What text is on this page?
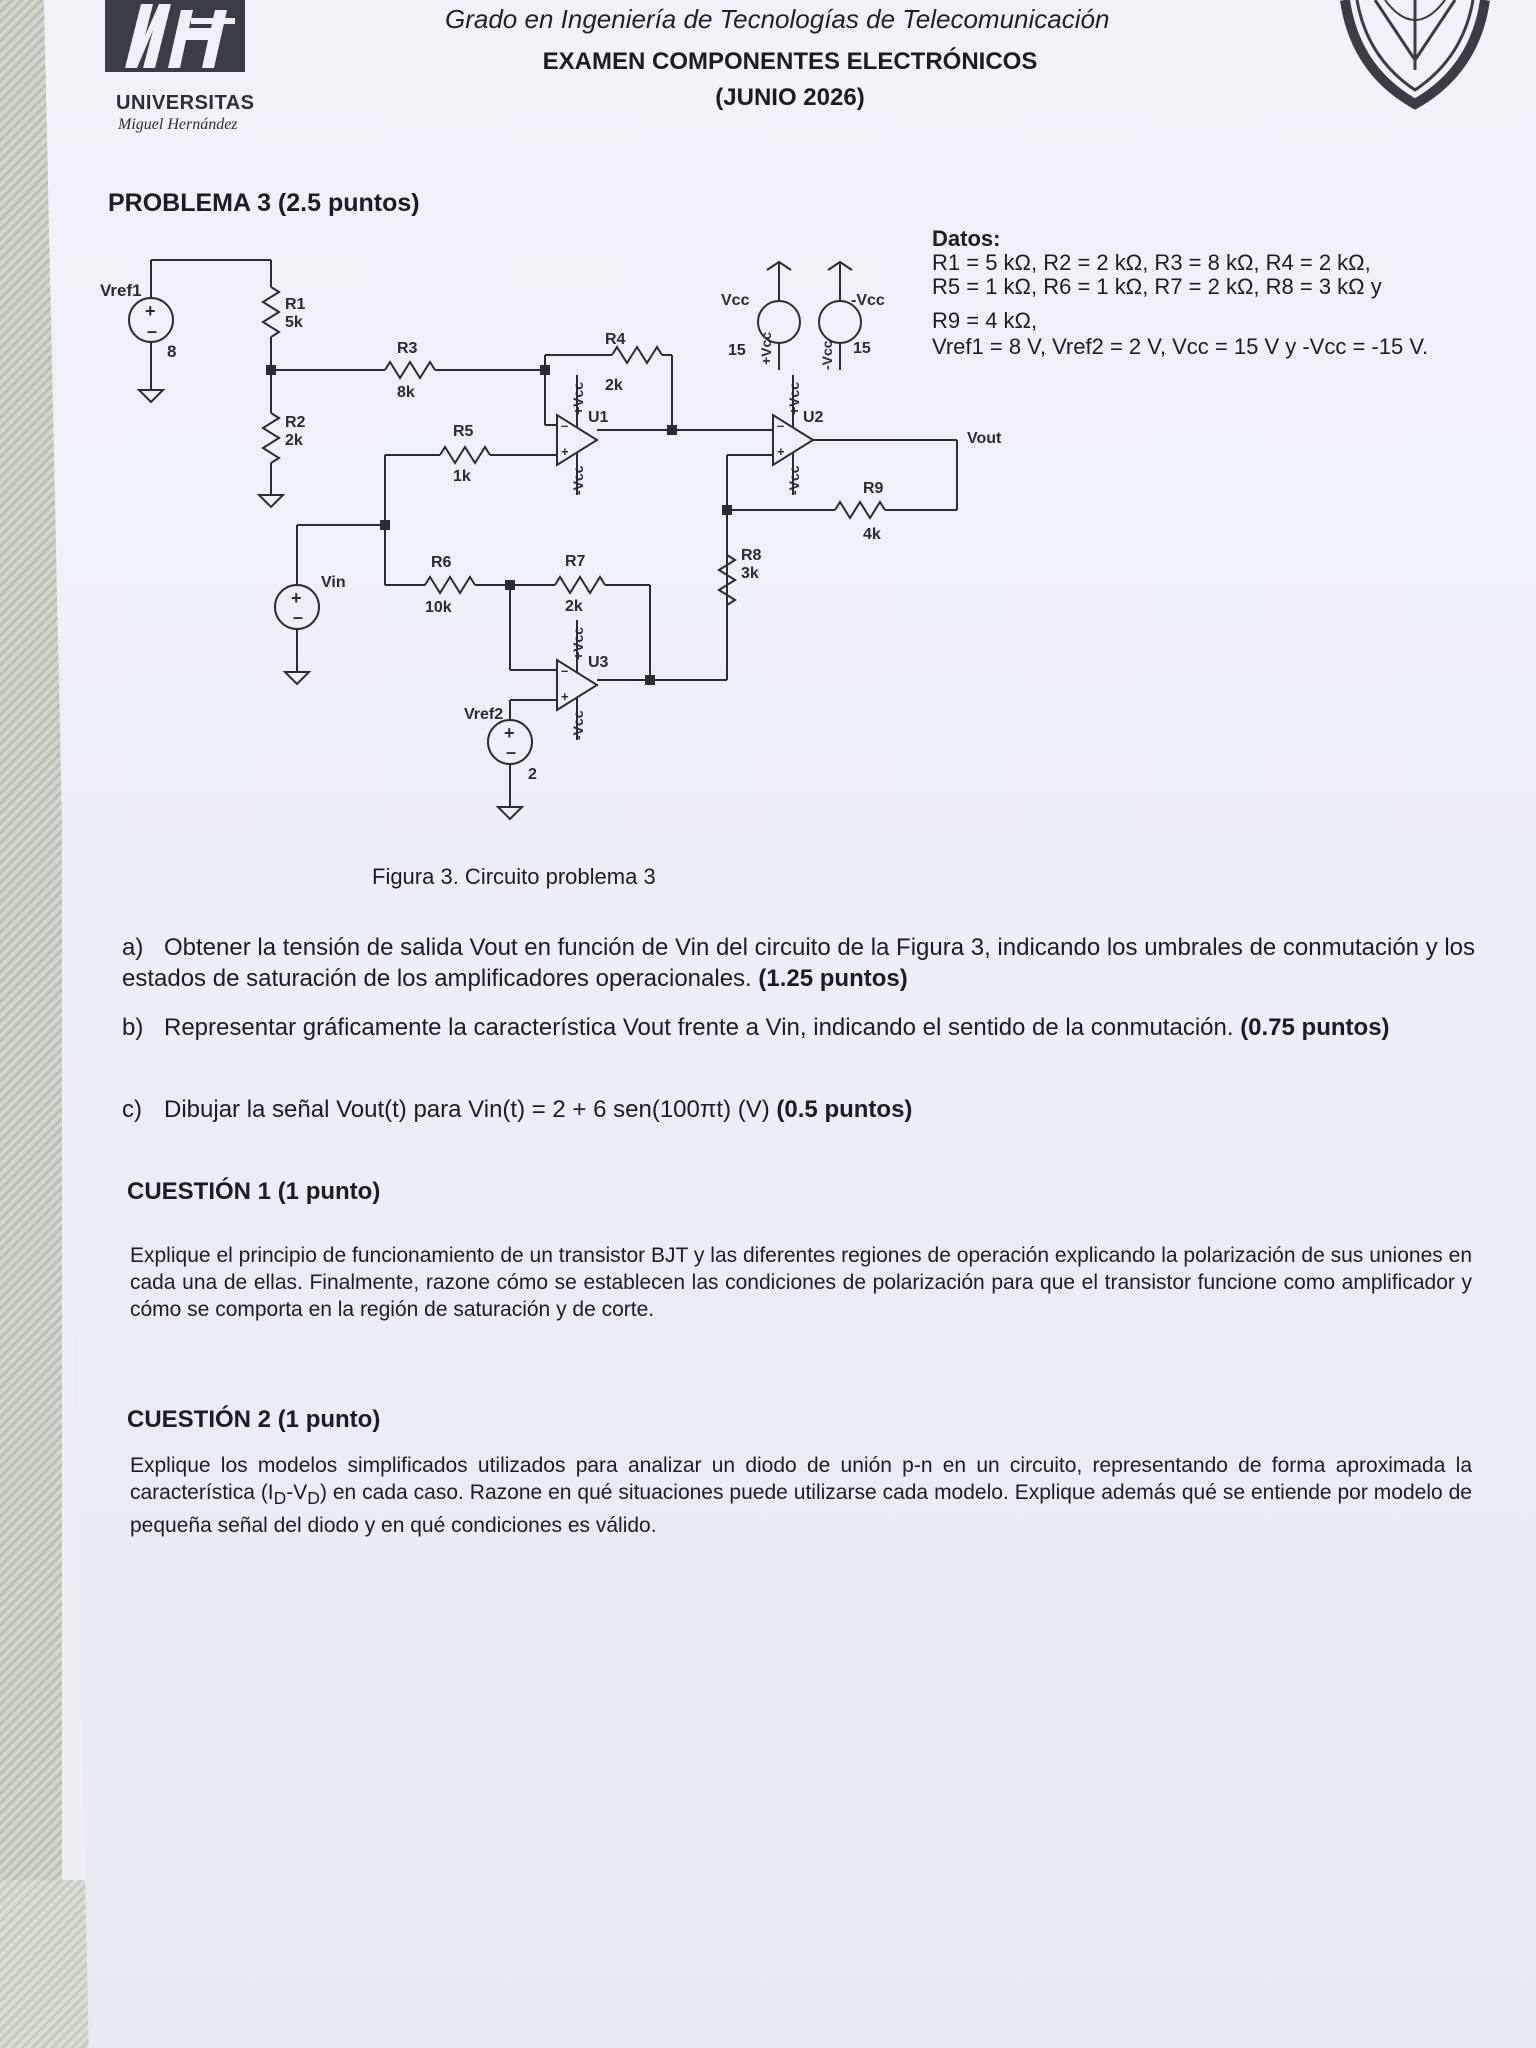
UNIVERSITAS
Miguel Hernández
Grado en Ingeniería de Tecnologías de Telecomunicación
EXAMEN COMPONENTES ELECTRÓNICOS
(JUNIO 2026)
PROBLEMA 3 (2.5 puntos)
Datos:
R1 = 5 kΩ, R2 = 2 kΩ, R3 = 8 kΩ, R4 = 2 kΩ,
R5 = 1 kΩ, R6 = 1 kΩ, R7 = 2 kΩ, R8 = 3 kΩ y
R9 = 4 kΩ,
Vref1 = 8 V, Vref2 = 2 V, Vcc = 15 V y -Vcc = -15 V.
Vref1
8
+
–
R1
5k
R2
2k
R3
8k
R4
2k
U1
–
+
+Vcc
-Vcc
R5
1k
+
–
Vin
R6
10k
R7
2k
U3
–
+
+Vcc
-Vcc
+
–
Vref2
2
R8
3k
U2
–
+
+Vcc
-Vcc
Vout
R9
4k
Vcc
15 +Vcc
-Vcc
15
-Vcc
Figura 3. Circuito problema 3
a) Obtener la tensión de salida Vout en función de Vin del circuito de la Figura 3, indicando los umbrales de conmutación y los estados de saturación de los amplificadores operacionales. (1.25 puntos)
b) Representar gráficamente la característica Vout frente a Vin, indicando el sentido de la conmutación. (0.75 puntos)
c) Dibujar la señal Vout(t) para Vin(t) = 2 + 6 sen(100πt) (V) (0.5 puntos)
CUESTIÓN 1 (1 punto)
Explique el principio de funcionamiento de un transistor BJT y las diferentes regiones de operación explicando la polarización de sus uniones en cada una de ellas. Finalmente, razone cómo se establecen las condiciones de polarización para que el transistor funcione como amplificador y cómo se comporta en la región de saturación y de corte.
CUESTIÓN 2 (1 punto)
Explique los modelos simplificados utilizados para analizar un diodo de unión p-n en un circuito, representando de forma aproximada la característica $(I_D-V_D)$ en cada caso. Razone en qué situaciones puede utilizarse cada modelo. Explique además qué se entiende por modelo de pequeña señal del diodo y en qué condiciones es válido.
